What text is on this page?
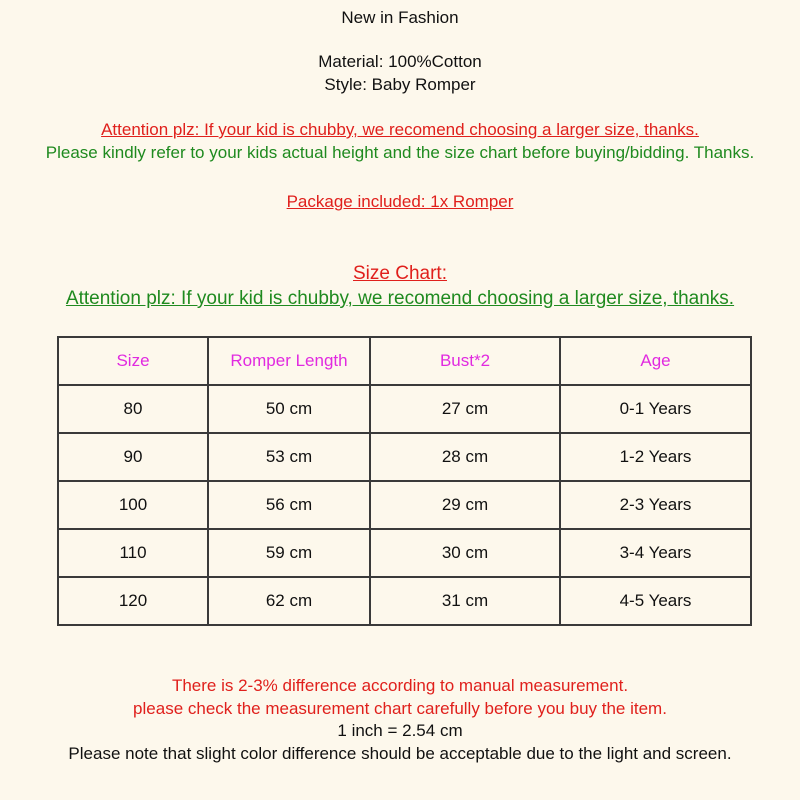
New in Fashion
Material: 100%Cotton
Style: Baby Romper
Attention plz: If your kid is chubby, we recomend choosing a larger size, thanks.
Please kindly refer to your kids actual height and the size chart before buying/bidding. Thanks.
Package included: 1x Romper
Size Chart:
Attention plz: If your kid is chubby, we recomend choosing a larger size, thanks.
Size	Romper Length	Bust*2	Age
80	50 cm	27 cm	0-1 Years
90	53 cm	28 cm	1-2 Years
100	56 cm	29 cm	2-3 Years
110	59 cm	30 cm	3-4 Years
120	62 cm	31 cm	4-5 Years
There is 2-3% difference according to manual measurement.
please check the measurement chart carefully before you buy the item.
1 inch = 2.54 cm
Please note that slight color difference should be acceptable due to the light and screen.
